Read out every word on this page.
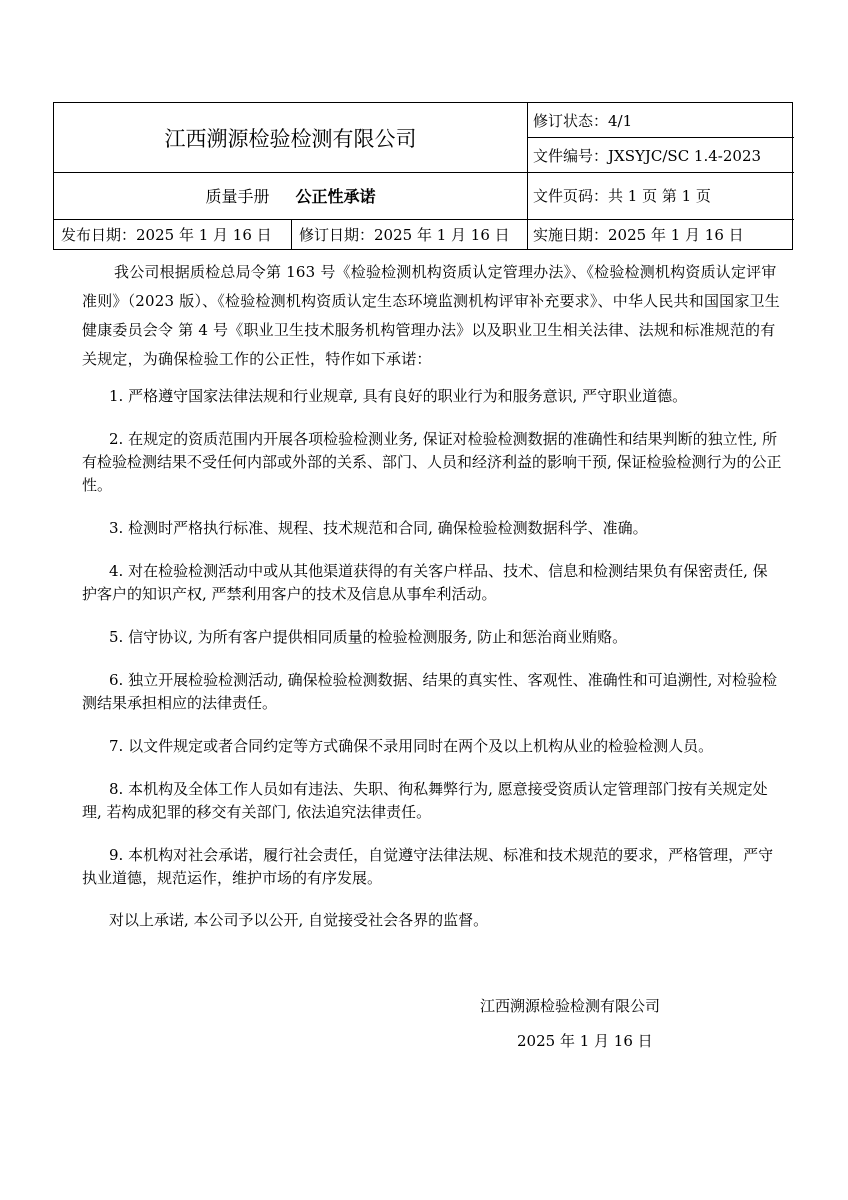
江西溯源检验检测有限公司
质量手册 公正性承诺
修订状态：4/1
文件编号：JXSYJC/SC 1.4-2023
文件页码：共 1 页 第 1 页
发布日期：2025 年 1 月 16 日	修订日期：2025 年 1 月 16 日	实施日期：2025 年 1 月 16 日

我公司根据质检总局令第 163 号《检验检测机构资质认定管理办法》、《检验检测机构资质认定评审准则》（2023 版）、《检验检测机构资质认定生态环境监测机构评审补充要求》、中华人民共和国国家卫生健康委员会令 第 4 号《职业卫生技术服务机构管理办法》以及职业卫生相关法律、法规和标准规范的有关规定，为确保检验工作的公正性，特作如下承诺：

1. 严格遵守国家法律法规和行业规章, 具有良好的职业行为和服务意识, 严守职业道德。

2. 在规定的资质范围内开展各项检验检测业务, 保证对检验检测数据的准确性和结果判断的独立性, 所有检验检测结果不受任何内部或外部的关系、部门、人员和经济利益的影响干预, 保证检验检测行为的公正性。

3. 检测时严格执行标准、规程、技术规范和合同, 确保检验检测数据科学、准确。

4. 对在检验检测活动中或从其他渠道获得的有关客户样品、技术、信息和检测结果负有保密责任, 保护客户的知识产权, 严禁利用客户的技术及信息从事牟利活动。

5. 信守协议, 为所有客户提供相同质量的检验检测服务, 防止和惩治商业贿赂。

6. 独立开展检验检测活动, 确保检验检测数据、结果的真实性、客观性、准确性和可追溯性, 对检验检测结果承担相应的法律责任。

7. 以文件规定或者合同约定等方式确保不录用同时在两个及以上机构从业的检验检测人员。

8. 本机构及全体工作人员如有违法、失职、徇私舞弊行为, 愿意接受资质认定管理部门按有关规定处理, 若构成犯罪的移交有关部门, 依法追究法律责任。

9. 本机构对社会承诺，履行社会责任，自觉遵守法律法规、标准和技术规范的要求，严格管理，严守执业道德，规范运作，维护市场的有序发展。

对以上承诺, 本公司予以公开, 自觉接受社会各界的监督。

江西溯源检验检测有限公司
2025 年 1 月 16 日
